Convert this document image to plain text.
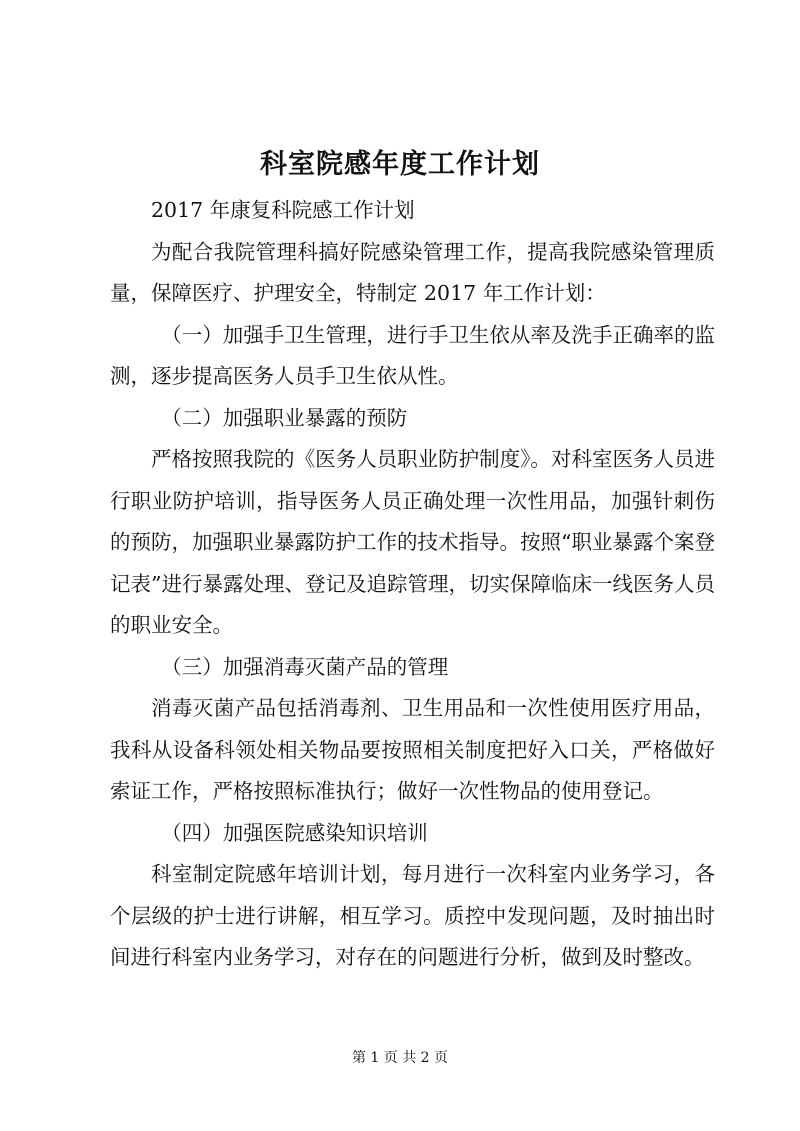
科室院感年度工作计划

2017 年康复科院感工作计划

为配合我院管理科搞好院感染管理工作，提高我院感染管理质量，保障医疗、护理安全，特制定 2017 年工作计划：

（一）加强手卫生管理，进行手卫生依从率及洗手正确率的监测，逐步提高医务人员手卫生依从性。

（二）加强职业暴露的预防

严格按照我院的《医务人员职业防护制度》。对科室医务人员进行职业防护培训，指导医务人员正确处理一次性用品，加强针刺伤的预防，加强职业暴露防护工作的技术指导。按照“职业暴露个案登记表”进行暴露处理、登记及追踪管理，切实保障临床一线医务人员的职业安全。

（三）加强消毒灭菌产品的管理

消毒灭菌产品包括消毒剂、卫生用品和一次性使用医疗用品，我科从设备科领处相关物品要按照相关制度把好入口关，严格做好索证工作，严格按照标准执行；做好一次性物品的使用登记。

（四）加强医院感染知识培训

科室制定院感年培训计划，每月进行一次科室内业务学习，各个层级的护士进行讲解，相互学习。质控中发现问题，及时抽出时间进行科室内业务学习，对存在的问题进行分析，做到及时整改。

第 1 页 共 2 页
